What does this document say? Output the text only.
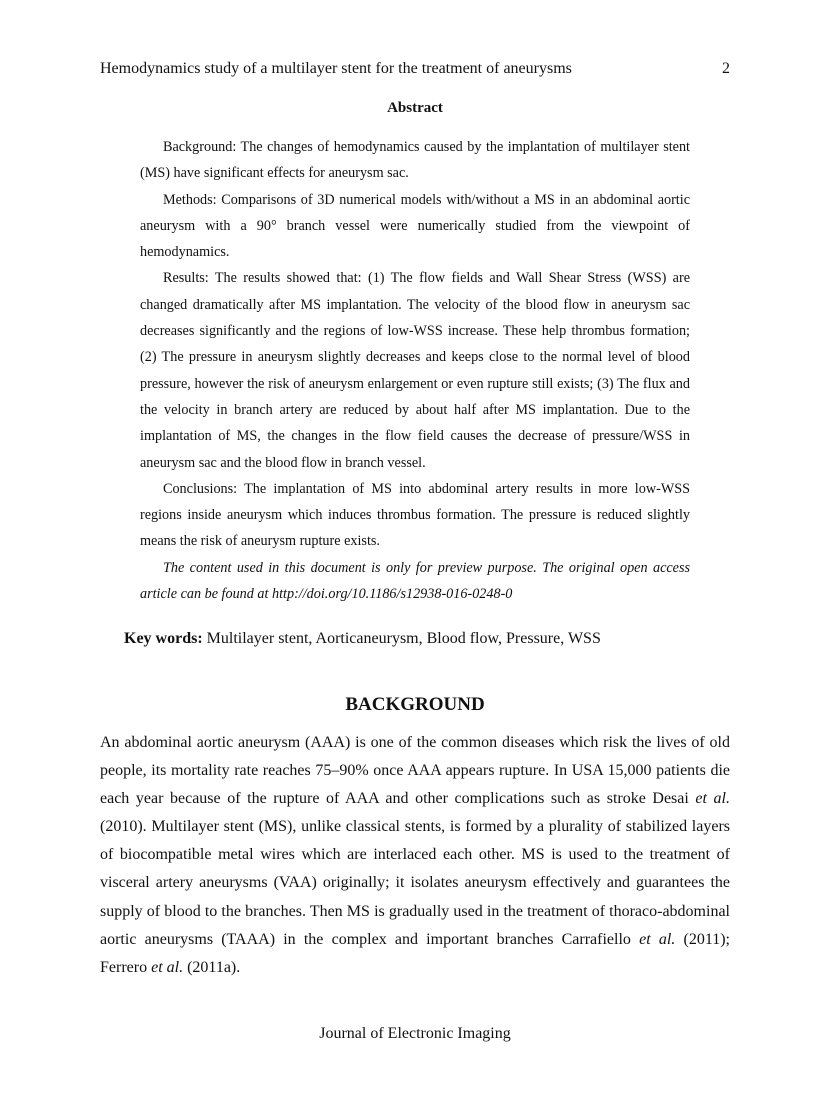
Hemodynamics study of a multilayer stent for the treatment of aneurysms	2
Abstract

Background: The changes of hemodynamics caused by the implantation of multilayer stent (MS) have significant effects for aneurysm sac.

Methods: Comparisons of 3D numerical models with/without a MS in an abdominal aortic aneurysm with a 90° branch vessel were numerically studied from the viewpoint of hemodynamics.

Results: The results showed that: (1) The flow fields and Wall Shear Stress (WSS) are changed dramatically after MS implantation. The velocity of the blood flow in aneurysm sac decreases significantly and the regions of low-WSS increase. These help thrombus formation; (2) The pressure in aneurysm slightly decreases and keeps close to the normal level of blood pressure, however the risk of aneurysm enlargement or even rupture still exists; (3) The flux and the velocity in branch artery are reduced by about half after MS implantation. Due to the implantation of MS, the changes in the flow field causes the decrease of pressure/WSS in aneurysm sac and the blood flow in branch vessel.

Conclusions: The implantation of MS into abdominal artery results in more low-WSS regions inside aneurysm which induces thrombus formation. The pressure is reduced slightly means the risk of aneurysm rupture exists.

The content used in this document is only for preview purpose. The original open access article can be found at http://doi.org/10.1186/s12938-016-0248-0

Key words: Multilayer stent, Aorticaneurysm, Blood flow, Pressure, WSS
BACKGROUND

An abdominal aortic aneurysm (AAA) is one of the common diseases which risk the lives of old people, its mortality rate reaches 75–90% once AAA appears rupture. In USA 15,000 patients die each year because of the rupture of AAA and other complications such as stroke Desai et al. (2010). Multilayer stent (MS), unlike classical stents, is formed by a plurality of stabilized layers of biocompatible metal wires which are interlaced each other. MS is used to the treatment of visceral artery aneurysms (VAA) originally; it isolates aneurysm effectively and guarantees the supply of blood to the branches. Then MS is gradually used in the treatment of thoraco-abdominal aortic aneurysms (TAAA) in the complex and important branches Carrafiello et al. (2011); Ferrero et al. (2011a).

Journal of Electronic Imaging
